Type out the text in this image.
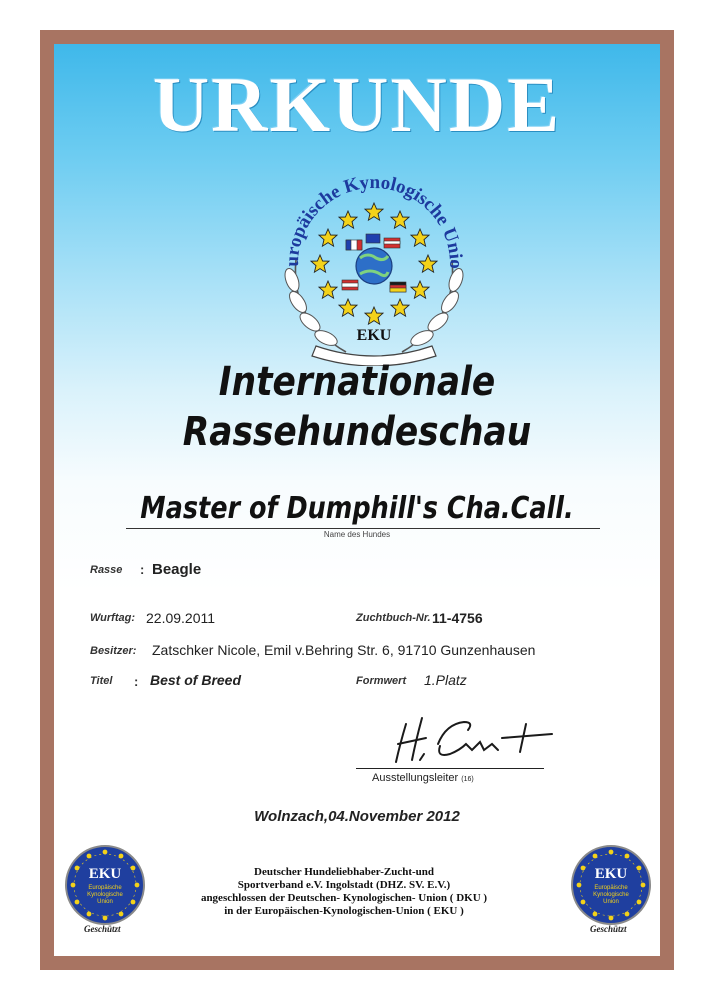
URKUNDE
uropäische Kynologische Unio
EKU
Internationale
Rassehundeschau
Master of Dumphill's Cha.Call.
Name des Hundes
Rasse : Beagle
Wurftag: 22.09.2011	Zuchtbuch-Nr. 11-4756
Besitzer: Zatschker Nicole, Emil v.Behring Str. 6, 91710 Gunzenhausen
Titel : Best of Breed	Formwert 1.Platz
Ausstellungsleiter (16)
Wolnzach,04.November 2012
Deutscher Hundeliebhaber-Zucht-und
Sportverband e.V. Ingolstadt (DHZ. SV. E.V.)
angeschlossen der Deutschen- Kynologischen- Union ( DKU )
in der Europäischen-Kynologischen-Union ( EKU )
EKU
Europäische
Kynologische
Union
Geschützt
EKU
Europäische
Kynologische
Union
Geschützt
